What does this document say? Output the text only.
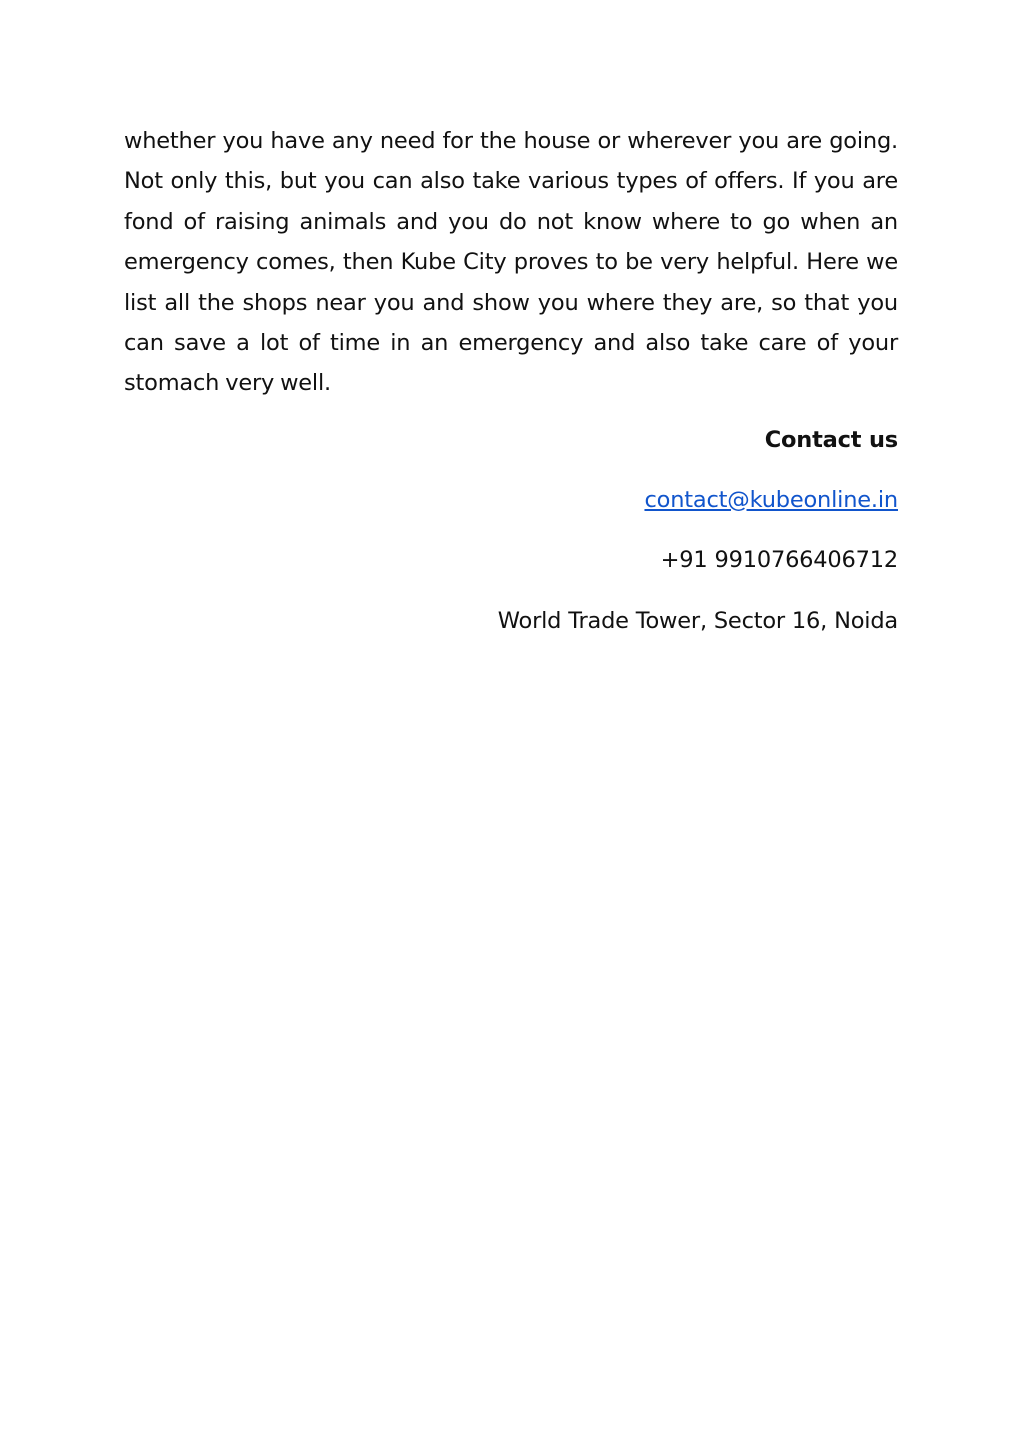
whether you have any need for the house or wherever you are going. Not only this, but you can also take various types of offers. If you are fond of raising animals and you do not know where to go when an emergency comes, then Kube City proves to be very helpful. Here we list all the shops near you and show you where they are, so that you can save a lot of time in an emergency and also take care of your stomach very well.

Contact us

contact@kubeonline.in

+91 9910766406712

World Trade Tower, Sector 16, Noida
